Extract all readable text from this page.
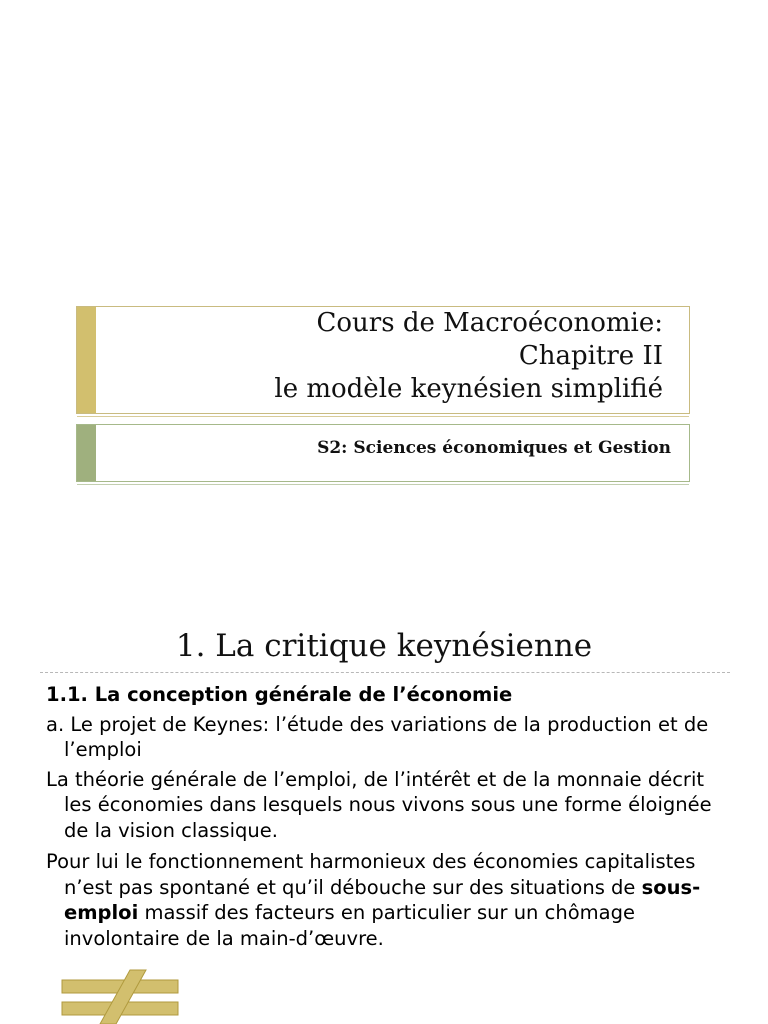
Cours de Macroéconomie:
Chapitre II
le modèle keynésien simplifié
S2: Sciences économiques et Gestion
1. La critique keynésienne

1.1. La conception générale de l’économie

a. Le projet de Keynes: l’étude des variations de la production et de l’emploi

La théorie générale de l’emploi, de l’intérêt et de la monnaie décrit les économies dans lesquels nous vivons sous une forme éloignée de la vision classique.

Pour lui le fonctionnement harmonieux des économies capitalistes n’est pas spontané et qu’il débouche sur des situations de sous-emploi massif des facteurs en particulier sur un chômage involontaire de la main-d’œuvre.
